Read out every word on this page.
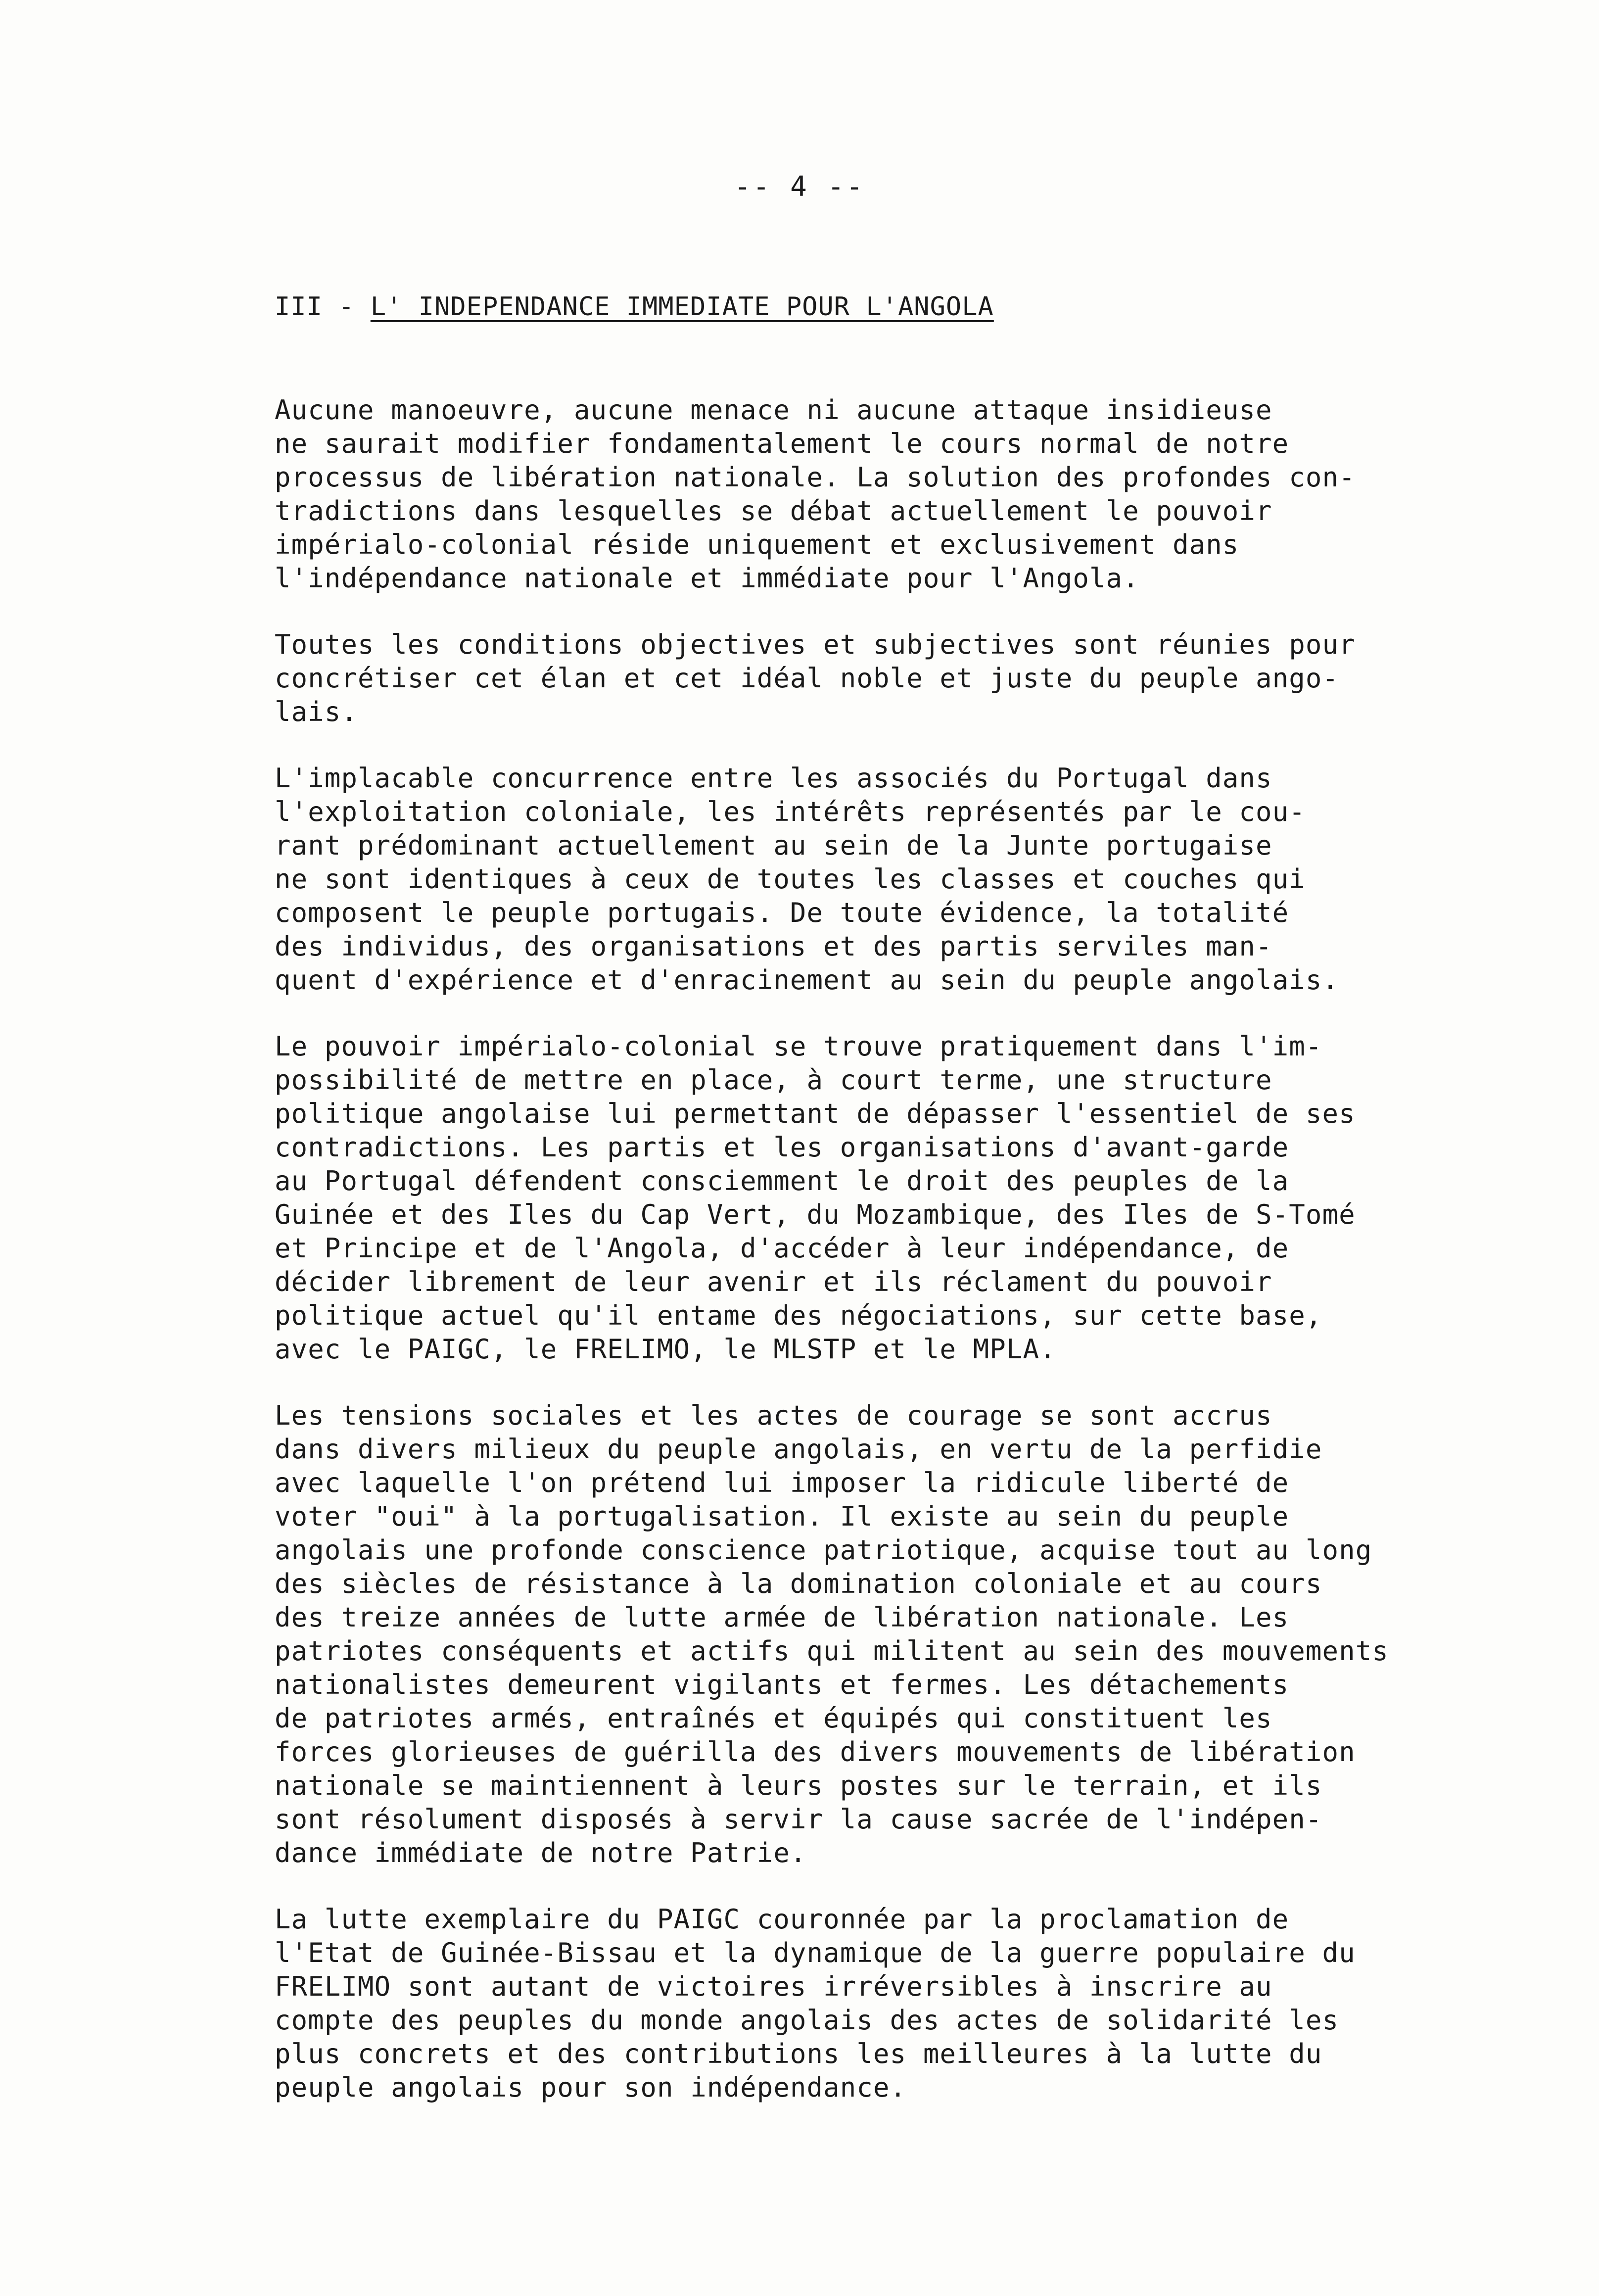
-- 4 --
III - L' INDEPENDANCE IMMEDIATE POUR L'ANGOLA
Aucune manoeuvre, aucune menace ni aucune attaque insidieuse
ne saurait modifier fondamentalement le cours normal de notre
processus de libération nationale. La solution des profondes con-
tradictions dans lesquelles se débat actuellement le pouvoir
impérialo-colonial réside uniquement et exclusivement dans
l'indépendance nationale et immédiate pour l'Angola.
Toutes les conditions objectives et subjectives sont réunies pour
concrétiser cet élan et cet idéal noble et juste du peuple ango-
lais.
L'implacable concurrence entre les associés du Portugal dans
l'exploitation coloniale, les intérêts représentés par le cou-
rant prédominant actuellement au sein de la Junte portugaise
ne sont identiques à ceux de toutes les classes et couches qui
composent le peuple portugais. De toute évidence, la totalité
des individus, des organisations et des partis serviles man-
quent d'expérience et d'enracinement au sein du peuple angolais.
Le pouvoir impérialo-colonial se trouve pratiquement dans l'im-
possibilité de mettre en place, à court terme, une structure
politique angolaise lui permettant de dépasser l'essentiel de ses
contradictions. Les partis et les organisations d'avant-garde
au Portugal défendent consciemment le droit des peuples de la
Guinée et des Iles du Cap Vert, du Mozambique, des Iles de S-Tomé
et Principe et de l'Angola, d'accéder à leur indépendance, de
décider librement de leur avenir et ils réclament du pouvoir
politique actuel qu'il entame des négociations, sur cette base,
avec le PAIGC, le FRELIMO, le MLSTP et le MPLA.
Les tensions sociales et les actes de courage se sont accrus
dans divers milieux du peuple angolais, en vertu de la perfidie
avec laquelle l'on prétend lui imposer la ridicule liberté de
voter "oui" à la portugalisation. Il existe au sein du peuple
angolais une profonde conscience patriotique, acquise tout au long
des siècles de résistance à la domination coloniale et au cours
des treize années de lutte armée de libération nationale. Les
patriotes conséquents et actifs qui militent au sein des mouvements
nationalistes demeurent vigilants et fermes. Les détachements
de patriotes armés, entraînés et équipés qui constituent les
forces glorieuses de guérilla des divers mouvements de libération
nationale se maintiennent à leurs postes sur le terrain, et ils
sont résolument disposés à servir la cause sacrée de l'indépen-
dance immédiate de notre Patrie.
La lutte exemplaire du PAIGC couronnée par la proclamation de
l'Etat de Guinée-Bissau et la dynamique de la guerre populaire du
FRELIMO sont autant de victoires irréversibles à inscrire au
compte des peuples du monde angolais des actes de solidarité les
plus concrets et des contributions les meilleures à la lutte du
peuple angolais pour son indépendance.
